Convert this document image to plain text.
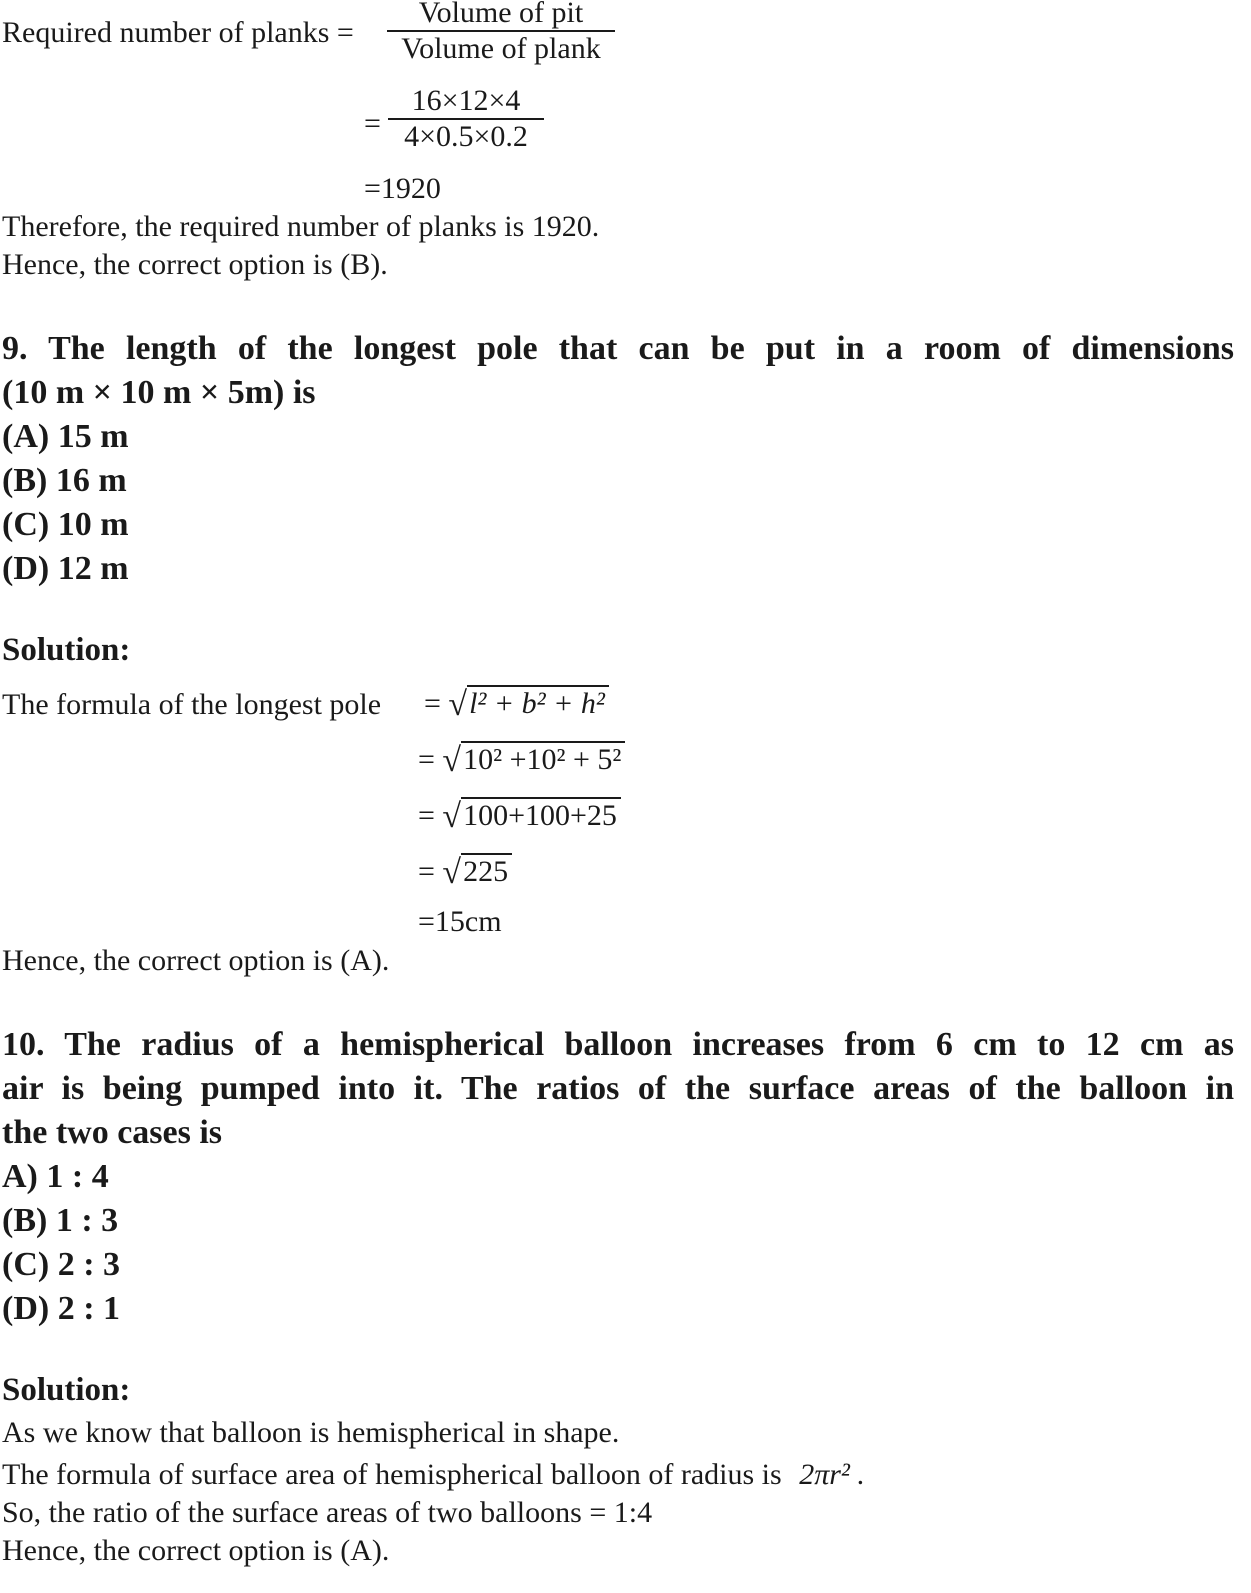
Required number of planks =
Volume of pit
Volume of plank
= $\frac{16\times 12\times 4}{4\times 0.5\times 0.2}$
=1920
Therefore, the required number of planks is 1920.
Hence, the correct option is (B).
9. The length of the longest pole that can be put in a room of dimensions
(10 m × 10 m × 5m) is
(A) 15 m
(B) 16 m
(C) 10 m
(D) 12 m
Solution:
The formula of the longest pole = √l² + b² + h²
= √10² +10² + 5²
= √100+100+25
= √225
=15cm
Hence, the correct option is (A).
10. The radius of a hemispherical balloon increases from 6 cm to 12 cm as
air is being pumped into it. The ratios of the surface areas of the balloon in
the two cases is
A) 1 : 4
(B) 1 : 3
(C) 2 : 3
(D) 2 : 1
Solution:
As we know that balloon is hemispherical in shape.
The formula of surface area of hemispherical balloon of radius is 2πr² .
So, the ratio of the surface areas of two balloons = 1:4
Hence, the correct option is (A).
